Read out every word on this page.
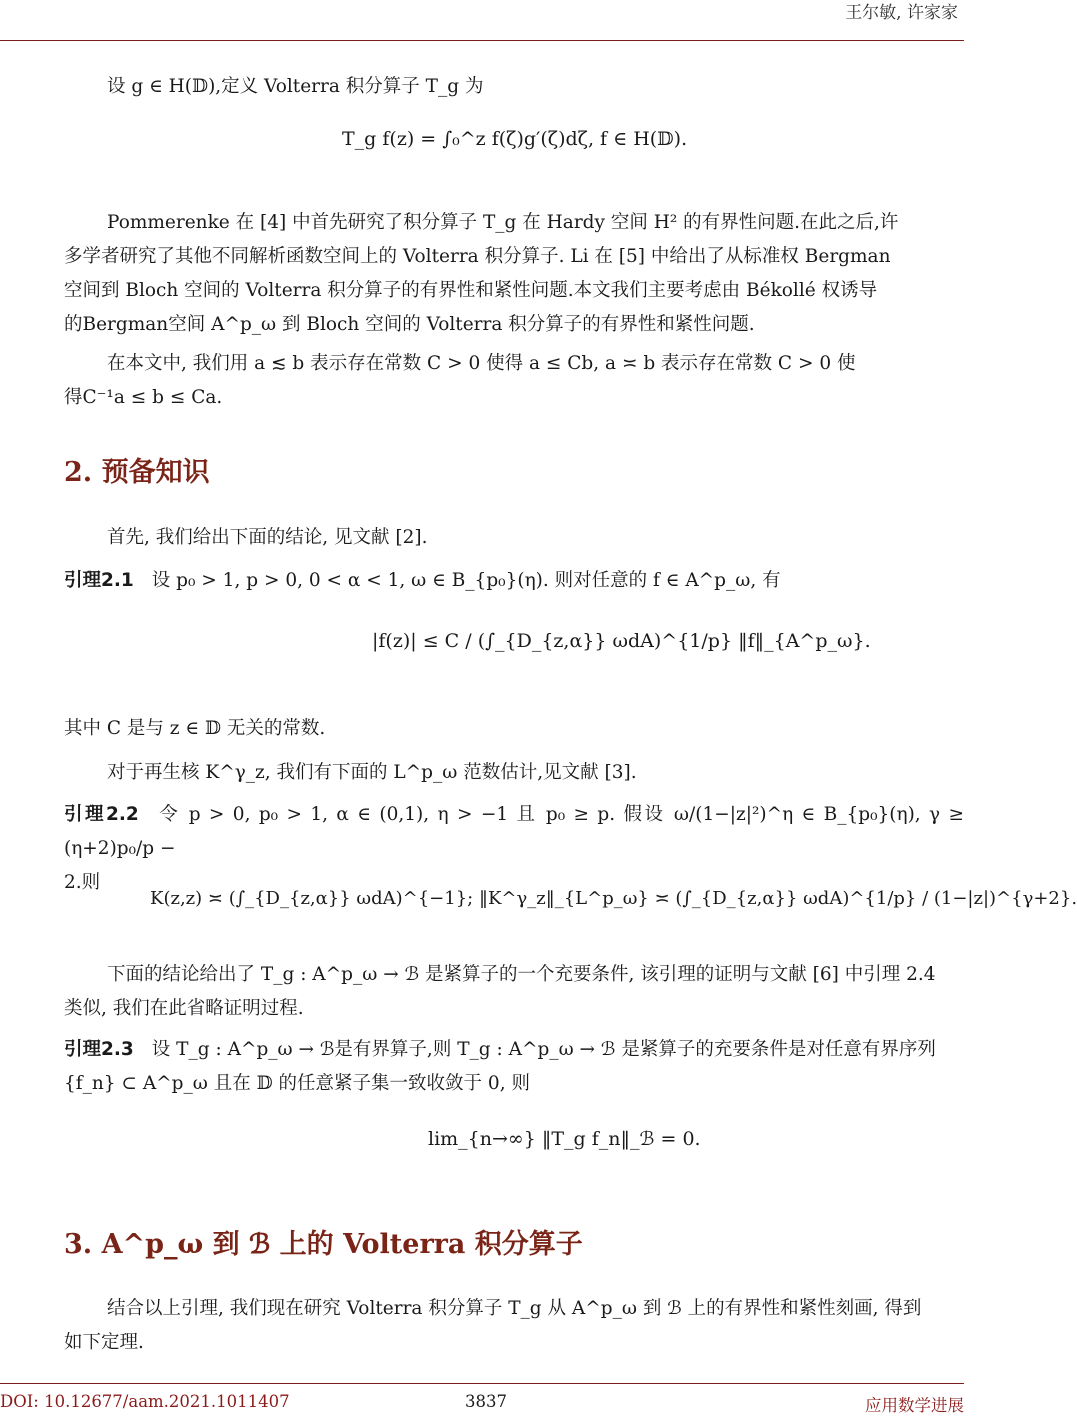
王尔敏, 许家家
设 g ∈ H(𝔻),定义 Volterra 积分算子 T_g 为
T_g f(z) = ∫₀^z f(ζ)g′(ζ)dζ, f ∈ H(𝔻).
Pommerenke 在 [4] 中首先研究了积分算子 T_g 在 Hardy 空间 H² 的有界性问题.在此之后,许
多学者研究了其他不同解析函数空间上的 Volterra 积分算子. Li 在 [5] 中给出了从标准权 Bergman
空间到 Bloch 空间的 Volterra 积分算子的有界性和紧性问题.本文我们主要考虑由 Békollé 权诱导
的Bergman空间 A^p_ω 到 Bloch 空间的 Volterra 积分算子的有界性和紧性问题.
在本文中, 我们用 a ≲ b 表示存在常数 C > 0 使得 a ≤ Cb, a ≍ b 表示存在常数 C > 0 使
得C⁻¹a ≤ b ≤ Ca.
2. 预备知识
首先, 我们给出下面的结论, 见文献 [2].
引理2.1 设 p₀ > 1, p > 0, 0 < α < 1, ω ∈ B_{p₀}(η). 则对任意的 f ∈ A^p_ω, 有
|f(z)| ≤ C / (∫_{D_{z,α}} ωdA)^{1/p} ‖f‖_{A^p_ω}.
其中 C 是与 z ∈ 𝔻 无关的常数.
对于再生核 K^γ_z, 我们有下面的 L^p_ω 范数估计,见文献 [3].
引理2.2 令 p > 0, p₀ > 1, α ∈ (0,1), η > −1 且 p₀ ≥ p. 假设 ω/(1−|z|²)^η ∈ B_{p₀}(η), γ ≥ (η+2)p₀/p −
2.则
K(z,z) ≍ (∫_{D_{z,α}} ωdA)^{−1}; ‖K^γ_z‖_{L^p_ω} ≍ (∫_{D_{z,α}} ωdA)^{1/p} / (1−|z|)^{γ+2}.
下面的结论给出了 T_g : A^p_ω → ℬ 是紧算子的一个充要条件, 该引理的证明与文献 [6] 中引理 2.4
类似, 我们在此省略证明过程.
引理2.3 设 T_g : A^p_ω → ℬ是有界算子,则 T_g : A^p_ω → ℬ 是紧算子的充要条件是对任意有界序列
{f_n} ⊂ A^p_ω 且在 𝔻 的任意紧子集一致收敛于 0, 则
lim_{n→∞} ‖T_g f_n‖_ℬ = 0.
3. A^p_ω 到 ℬ 上的 Volterra 积分算子
结合以上引理, 我们现在研究 Volterra 积分算子 T_g 从 A^p_ω 到 ℬ 上的有界性和紧性刻画, 得到
如下定理.
DOI: 10.12677/aam.2021.1011407	3837	应用数学进展
